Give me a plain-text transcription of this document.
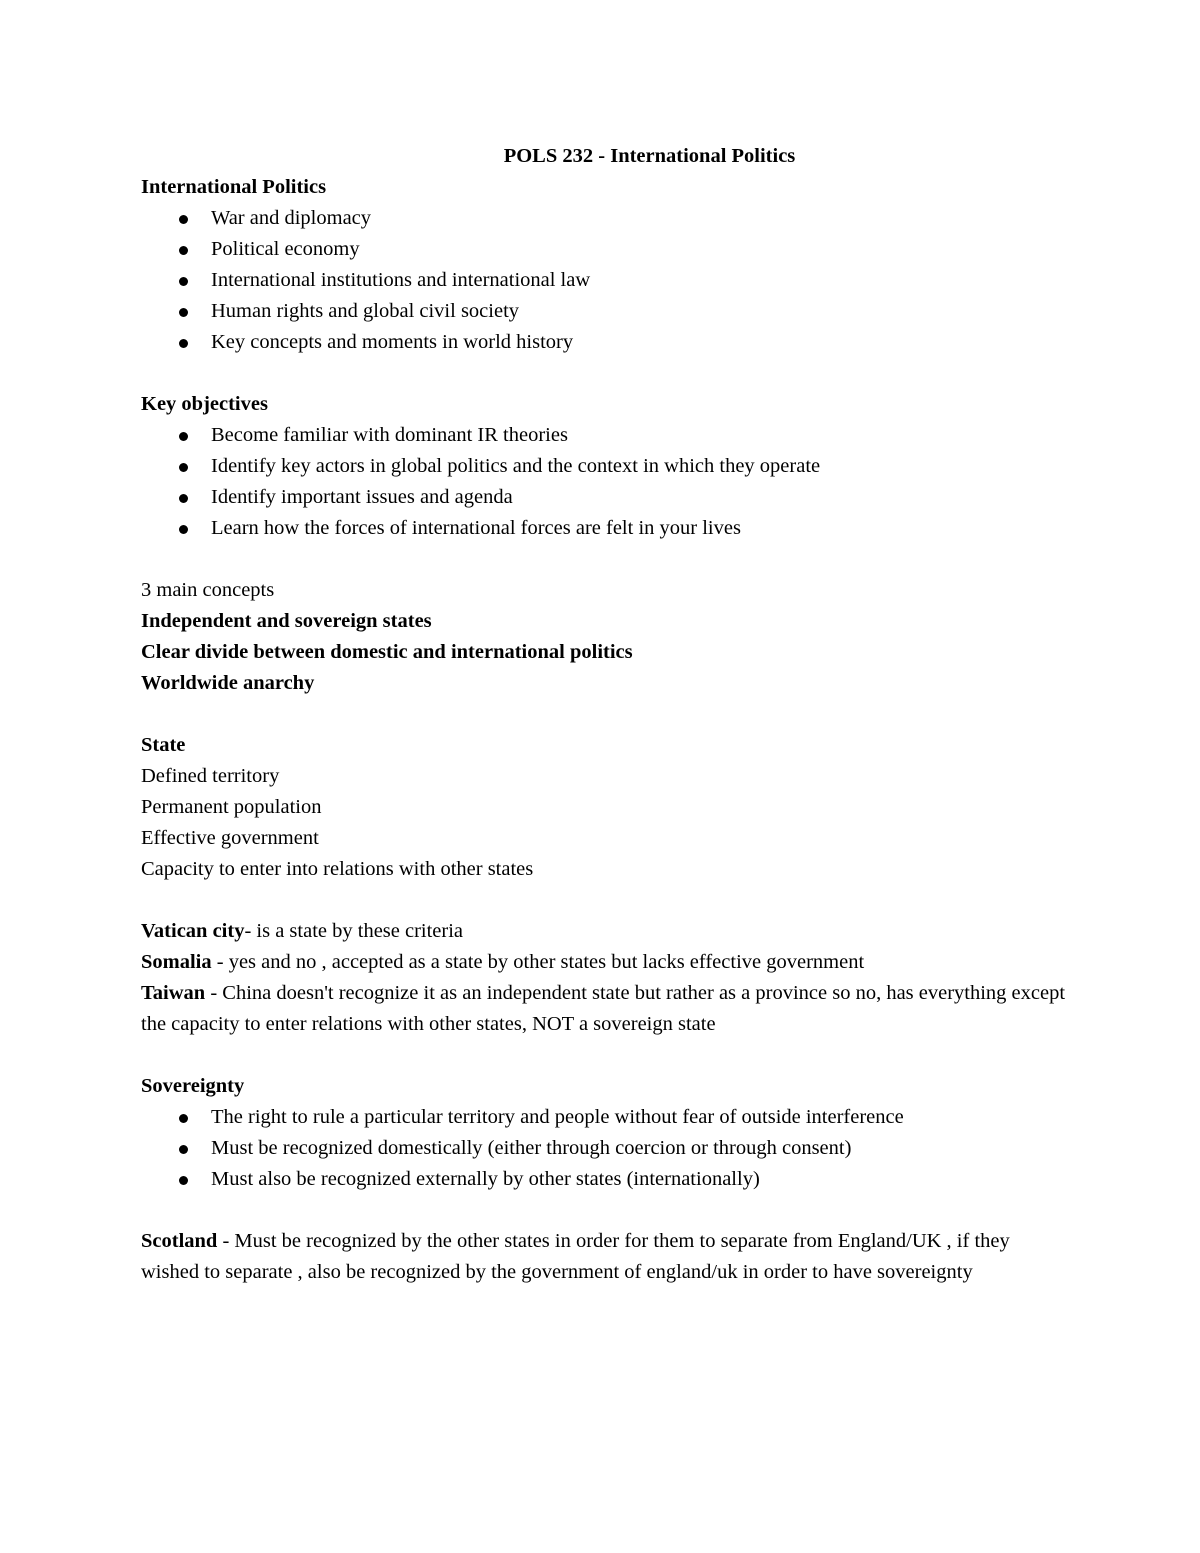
POLS 232 - International Politics

International Politics

War and diplomacy
Political economy
International institutions and international law
Human rights and global civil society
Key concepts and moments in world history

Key objectives

Become familiar with dominant IR theories
Identify key actors in global politics and the context in which they operate
Identify important issues and agenda
Learn how the forces of international forces are felt in your lives

3 main concepts

Independent and sovereign states

Clear divide between domestic and international politics

Worldwide anarchy

State

Defined territory

Permanent population

Effective government

Capacity to enter into relations with other states

Vatican city- is a state by these criteria

Somalia - yes and no , accepted as a state by other states but lacks effective government

Taiwan - China doesn't recognize it as an independent state but rather as a province so no, has everything except the capacity to enter relations with other states, NOT a sovereign state

Sovereignty

The right to rule a particular territory and people without fear of outside interference
Must be recognized domestically (either through coercion or through consent)
Must also be recognized externally by other states (internationally)

Scotland - Must be recognized by the other states in order for them to separate from England/UK , if they wished to separate , also be recognized by the government of england/uk in order to have sovereignty
